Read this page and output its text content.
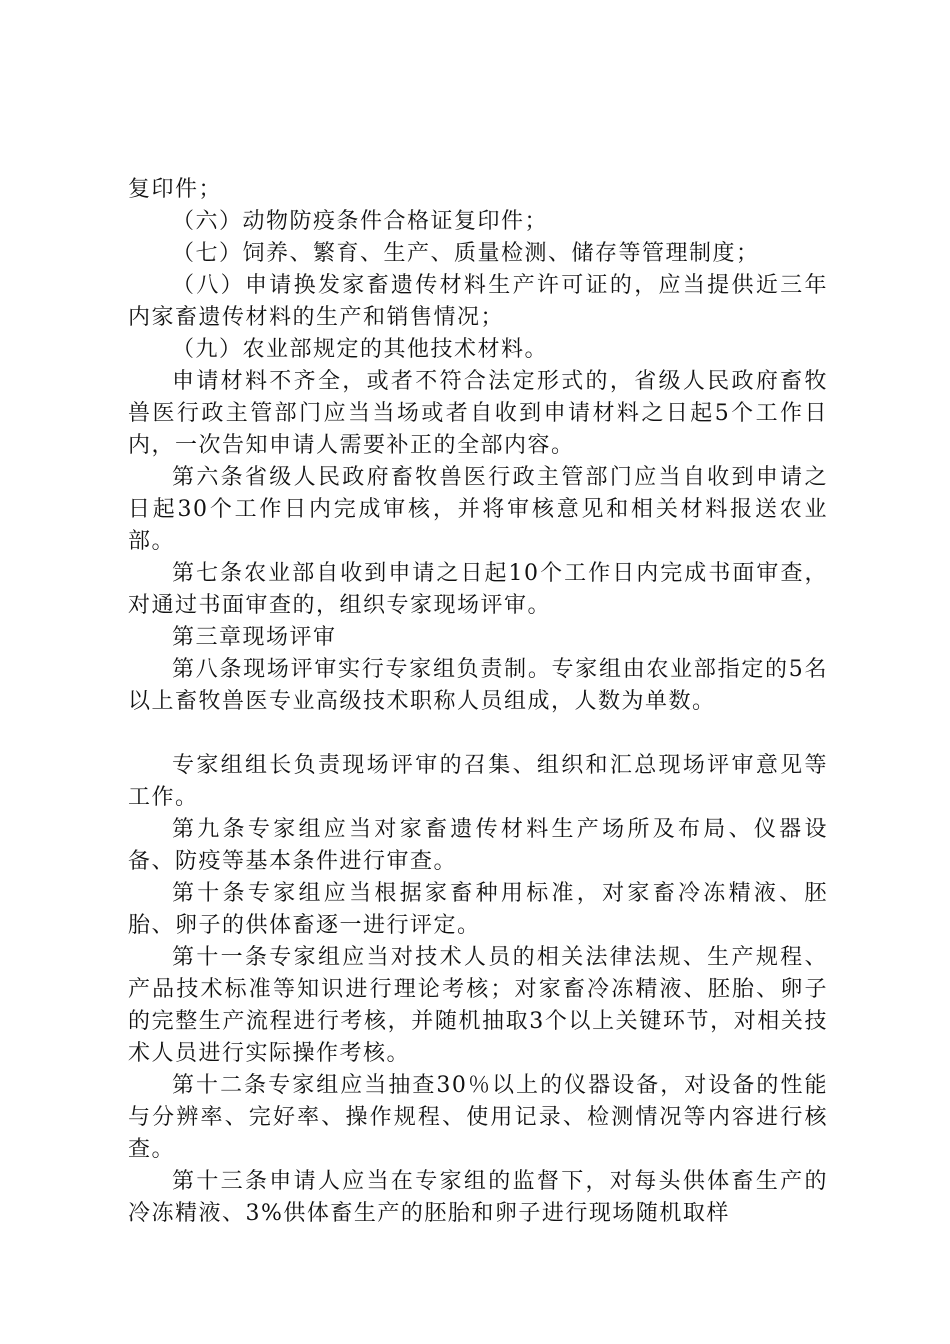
复印件；

（六）动物防疫条件合格证复印件；

（七）饲养、繁育、生产、质量检测、储存等管理制度；

（八）申请换发家畜遗传材料生产许可证的，应当提供近三年内家畜遗传材料的生产和销售情况；

（九）农业部规定的其他技术材料。

申请材料不齐全，或者不符合法定形式的，省级人民政府畜牧兽医行政主管部门应当当场或者自收到申请材料之日起5个工作日内，一次告知申请人需要补正的全部内容。

第六条省级人民政府畜牧兽医行政主管部门应当自收到申请之日起30个工作日内完成审核，并将审核意见和相关材料报送农业部。

第七条农业部自收到申请之日起10个工作日内完成书面审查，对通过书面审查的，组织专家现场评审。

第三章现场评审

第八条现场评审实行专家组负责制。专家组由农业部指定的5名以上畜牧兽医专业高级技术职称人员组成，人数为单数。

专家组组长负责现场评审的召集、组织和汇总现场评审意见等工作。

第九条专家组应当对家畜遗传材料生产场所及布局、仪器设备、防疫等基本条件进行审查。

第十条专家组应当根据家畜种用标准，对家畜冷冻精液、胚胎、卵子的供体畜逐一进行评定。

第十一条专家组应当对技术人员的相关法律法规、生产规程、产品技术标准等知识进行理论考核；对家畜冷冻精液、胚胎、卵子的完整生产流程进行考核，并随机抽取3个以上关键环节，对相关技术人员进行实际操作考核。

第十二条专家组应当抽查30％以上的仪器设备，对设备的性能与分辨率、完好率、操作规程、使用记录、检测情况等内容进行核查。

第十三条申请人应当在专家组的监督下，对每头供体畜生产的冷冻精液、3%供体畜生产的胚胎和卵子进行现场随机取样
